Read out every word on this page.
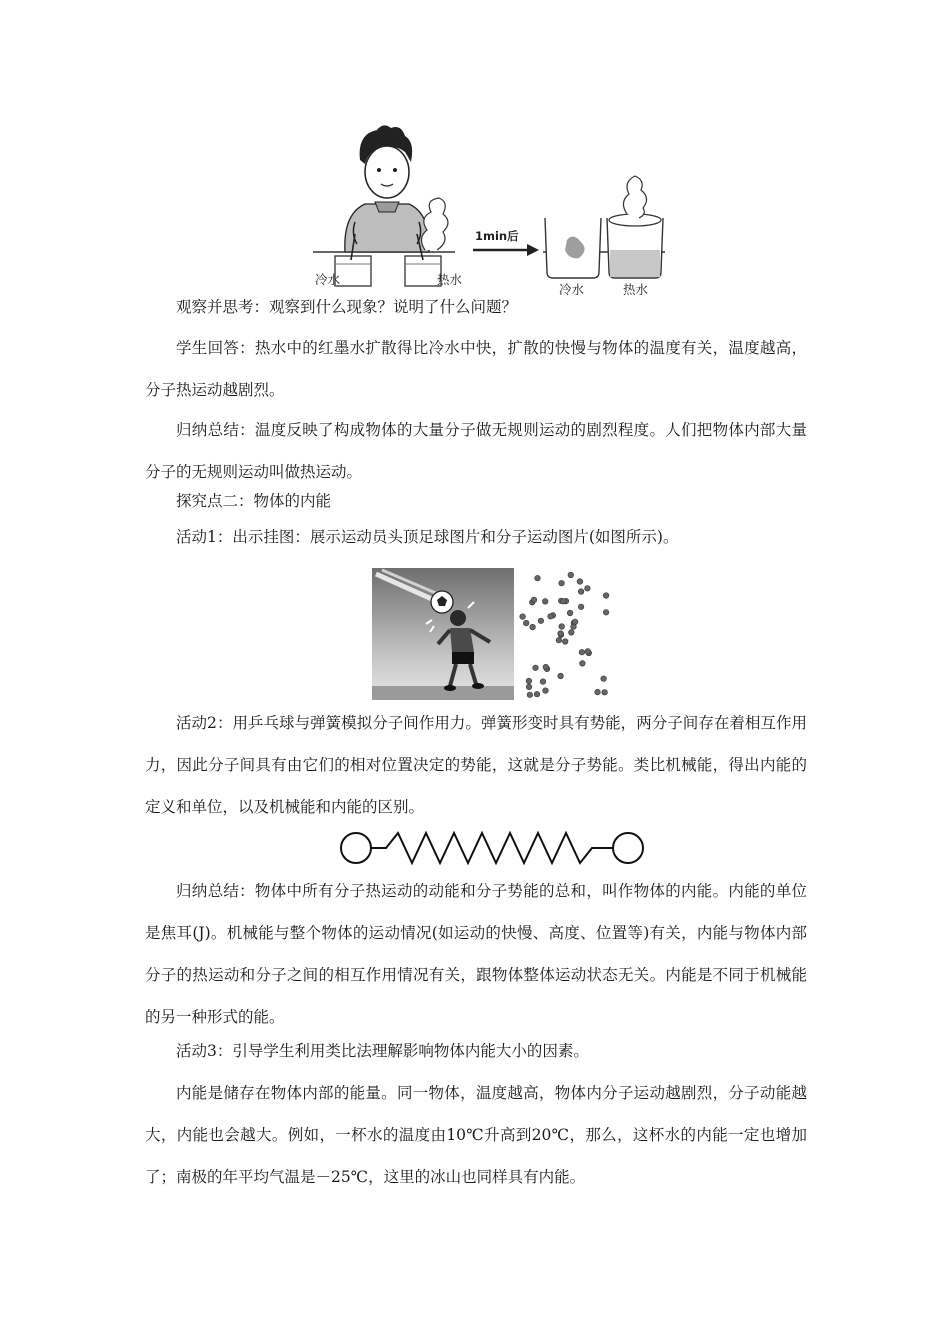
冷水	热水
1min后
冷水	热水

观察并思考：观察到什么现象？说明了什么问题？

学生回答：热水中的红墨水扩散得比冷水中快，扩散的快慢与物体的温度有关，温度越高，分子热运动越剧烈。

归纳总结：温度反映了构成物体的大量分子做无规则运动的剧烈程度。人们把物体内部大量分子的无规则运动叫做热运动。

探究点二：物体的内能

活动1：出示挂图：展示运动员头顶足球图片和分子运动图片(如图所示)。

活动2：用乒乓球与弹簧模拟分子间作用力。弹簧形变时具有势能，两分子间存在着相互作用力，因此分子间具有由它们的相对位置决定的势能，这就是分子势能。类比机械能，得出内能的定义和单位，以及机械能和内能的区别。

归纳总结：物体中所有分子热运动的动能和分子势能的总和，叫作物体的内能。内能的单位是焦耳(J)。机械能与整个物体的运动情况(如运动的快慢、高度、位置等)有关，内能与物体内部分子的热运动和分子之间的相互作用情况有关，跟物体整体运动状态无关。内能是不同于机械能的另一种形式的能。

活动3：引导学生利用类比法理解影响物体内能大小的因素。

内能是储存在物体内部的能量。同一物体，温度越高，物体内分子运动越剧烈，分子动能越大，内能也会越大。例如，一杯水的温度由10℃升高到20℃，那么，这杯水的内能一定也增加了；南极的年平均气温是－25℃，这里的冰山也同样具有内能。
